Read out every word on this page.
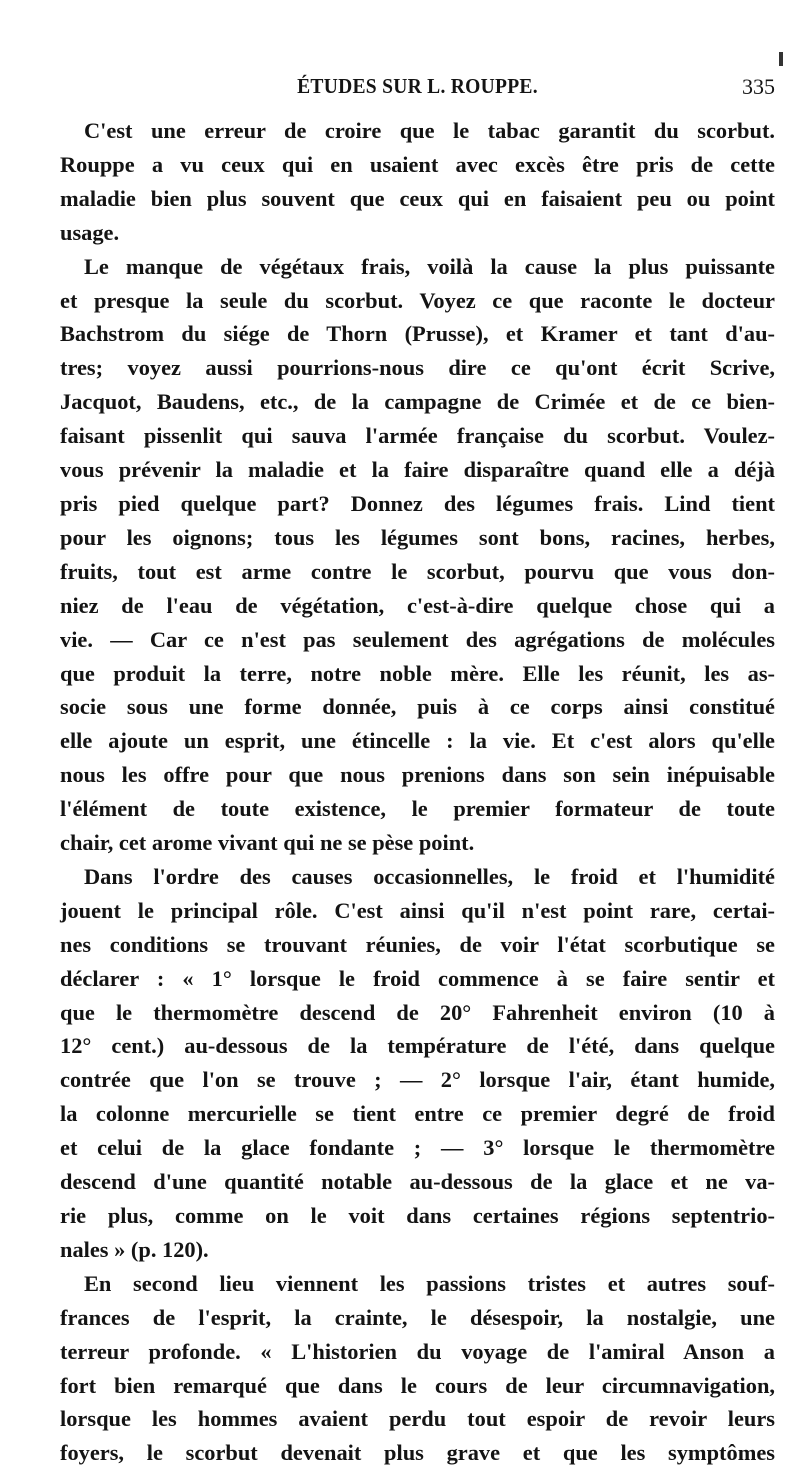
ÉTUDES SUR L. ROUPPE.	335

C'est une erreur de croire que le tabac garantit du scorbut.
Rouppe a vu ceux qui en usaient avec excès être pris de cette
maladie bien plus souvent que ceux qui en faisaient peu ou point
usage.

Le manque de végétaux frais, voilà la cause la plus puissante
et presque la seule du scorbut. Voyez ce que raconte le docteur
Bachstrom du siége de Thorn (Prusse), et Kramer et tant d'au-
tres; voyez aussi pourrions-nous dire ce qu'ont écrit Scrive,
Jacquot, Baudens, etc., de la campagne de Crimée et de ce bien-
faisant pissenlit qui sauva l'armée française du scorbut. Voulez-
vous prévenir la maladie et la faire disparaître quand elle a déjà
pris pied quelque part? Donnez des légumes frais. Lind tient
pour les oignons; tous les légumes sont bons, racines, herbes,
fruits, tout est arme contre le scorbut, pourvu que vous don-
niez de l'eau de végétation, c'est-à-dire quelque chose qui a
vie. — Car ce n'est pas seulement des agrégations de molécules
que produit la terre, notre noble mère. Elle les réunit, les as-
socie sous une forme donnée, puis à ce corps ainsi constitué
elle ajoute un esprit, une étincelle : la vie. Et c'est alors qu'elle
nous les offre pour que nous prenions dans son sein inépuisable
l'élément de toute existence, le premier formateur de toute
chair, cet arome vivant qui ne se pèse point.

Dans l'ordre des causes occasionnelles, le froid et l'humidité
jouent le principal rôle. C'est ainsi qu'il n'est point rare, certai-
nes conditions se trouvant réunies, de voir l'état scorbutique se
déclarer : « 1° lorsque le froid commence à se faire sentir et
que le thermomètre descend de 20° Fahrenheit environ (10 à
12° cent.) au-dessous de la température de l'été, dans quelque
contrée que l'on se trouve ; — 2° lorsque l'air, étant humide,
la colonne mercurielle se tient entre ce premier degré de froid
et celui de la glace fondante ; — 3° lorsque le thermomètre
descend d'une quantité notable au-dessous de la glace et ne va-
rie plus, comme on le voit dans certaines régions septentrio-
nales » (p. 120).

En second lieu viennent les passions tristes et autres souf-
frances de l'esprit, la crainte, le désespoir, la nostalgie, une
terreur profonde. « L'historien du voyage de l'amiral Anson a
fort bien remarqué que dans le cours de leur circumnavigation,
lorsque les hommes avaient perdu tout espoir de revoir leurs
foyers, le scorbut devenait plus grave et que les symptômes
